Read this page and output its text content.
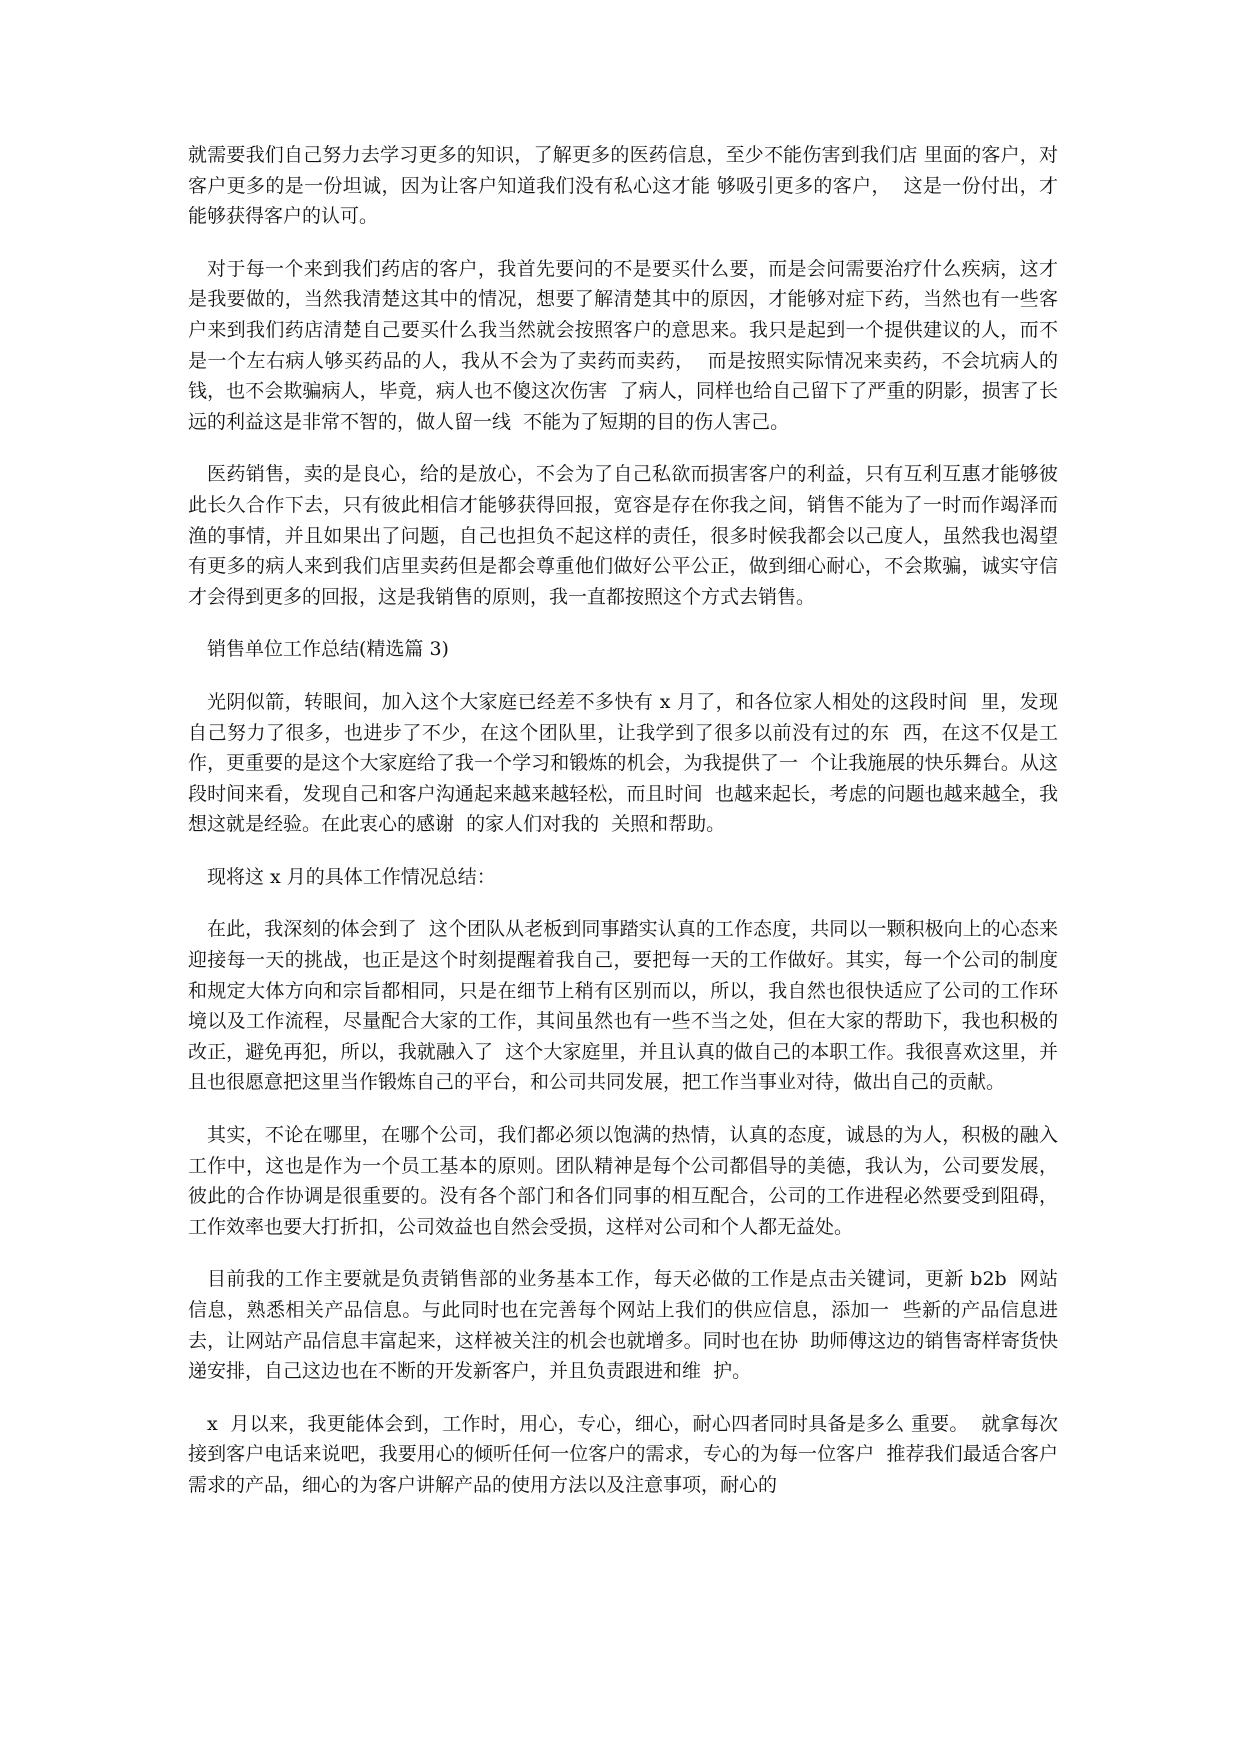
就需要我们自己努力去学习更多的知识，了解更多的医药信息，至少不能伤害到我们店 里面的客户，对客户更多的是一份坦诚，因为让客户知道我们没有私心这才能 够吸引更多的客户，  这是一份付出，才能够获得客户的认可。

对于每一个来到我们药店的客户，我首先要问的不是要买什么要，而是会问需要治疗什么疾病，这才是我要做的，当然我清楚这其中的情况，想要了解清楚其中的原因，才能够对症下药，当然也有一些客户来到我们药店清楚自己要买什么我当然就会按照客户的意思来。我只是起到一个提供建议的人，而不是一个左右病人够买药品的人，我从不会为了卖药而卖药，  而是按照实际情况来卖药，不会坑病人的钱，也不会欺骗病人，毕竟，病人也不傻这次伤害  了病人，同样也给自己留下了严重的阴影，损害了长远的利益这是非常不智的，做人留一线  不能为了短期的目的伤人害己。

医药销售，卖的是良心，给的是放心，不会为了自己私欲而损害客户的利益，只有互利互惠才能够彼此长久合作下去，只有彼此相信才能够获得回报，宽容是存在你我之间，销售不能为了一时而作竭泽而渔的事情，并且如果出了问题，自己也担负不起这样的责任，很多时候我都会以己度人，虽然我也渴望有更多的病人来到我们店里卖药但是都会尊重他们做好公平公正，做到细心耐心，不会欺骗，诚实守信才会得到更多的回报，这是我销售的原则，我一直都按照这个方式去销售。

销售单位工作总结(精选篇 3)

光阴似箭，转眼间，加入这个大家庭已经差不多快有 x 月了，和各位家人相处的这段时间  里，发现自己努力了很多，也进步了不少，在这个团队里，让我学到了很多以前没有过的东  西，在这不仅是工作，更重要的是这个大家庭给了我一个学习和锻炼的机会，为我提供了一  个让我施展的快乐舞台。从这段时间来看，发现自己和客户沟通起来越来越轻松，而且时间  也越来起长，考虑的问题也越来越全，我想这就是经验。在此衷心的感谢  的家人们对我的  关照和帮助。

现将这 x 月的具体工作情况总结：

在此，我深刻的体会到了  这个团队从老板到同事踏实认真的工作态度，共同以一颗积极向上的心态来迎接每一天的挑战，也正是这个时刻提醒着我自己，要把每一天的工作做好。其实，每一个公司的制度和规定大体方向和宗旨都相同，只是在细节上稍有区别而以，所以，我自然也很快适应了公司的工作环境以及工作流程，尽量配合大家的工作，其间虽然也有一些不当之处，但在大家的帮助下，我也积极的改正，避免再犯，所以，我就融入了  这个大家庭里，并且认真的做自己的本职工作。我很喜欢这里，并且也很愿意把这里当作锻炼自己的平台，和公司共同发展，把工作当事业对待，做出自己的贡献。

其实，不论在哪里，在哪个公司，我们都必须以饱满的热情，认真的态度，诚恳的为人，积极的融入工作中，这也是作为一个员工基本的原则。团队精神是每个公司都倡导的美德，我认为，公司要发展，彼此的合作协调是很重要的。没有各个部门和各们同事的相互配合，公司的工作进程必然要受到阻碍，工作效率也要大打折扣，公司效益也自然会受损，这样对公司和个人都无益处。

目前我的工作主要就是负责销售部的业务基本工作，每天必做的工作是点击关键词，更新 b2b  网站信息，熟悉相关产品信息。与此同时也在完善每个网站上我们的供应信息，添加一  些新的产品信息进去，让网站产品信息丰富起来，这样被关注的机会也就增多。同时也在协  助师傅这边的销售寄样寄货快递安排，自己这边也在不断的开发新客户，并且负责跟进和维  护。

x  月以来，我更能体会到，工作时，用心，专心，细心，耐心四者同时具备是多么 重要。  就拿每次接到客户电话来说吧，我要用心的倾听任何一位客户的需求，专心的为每一位客户  推荐我们最适合客户需求的产品，细心的为客户讲解产品的使用方法以及注意事项，耐心的
